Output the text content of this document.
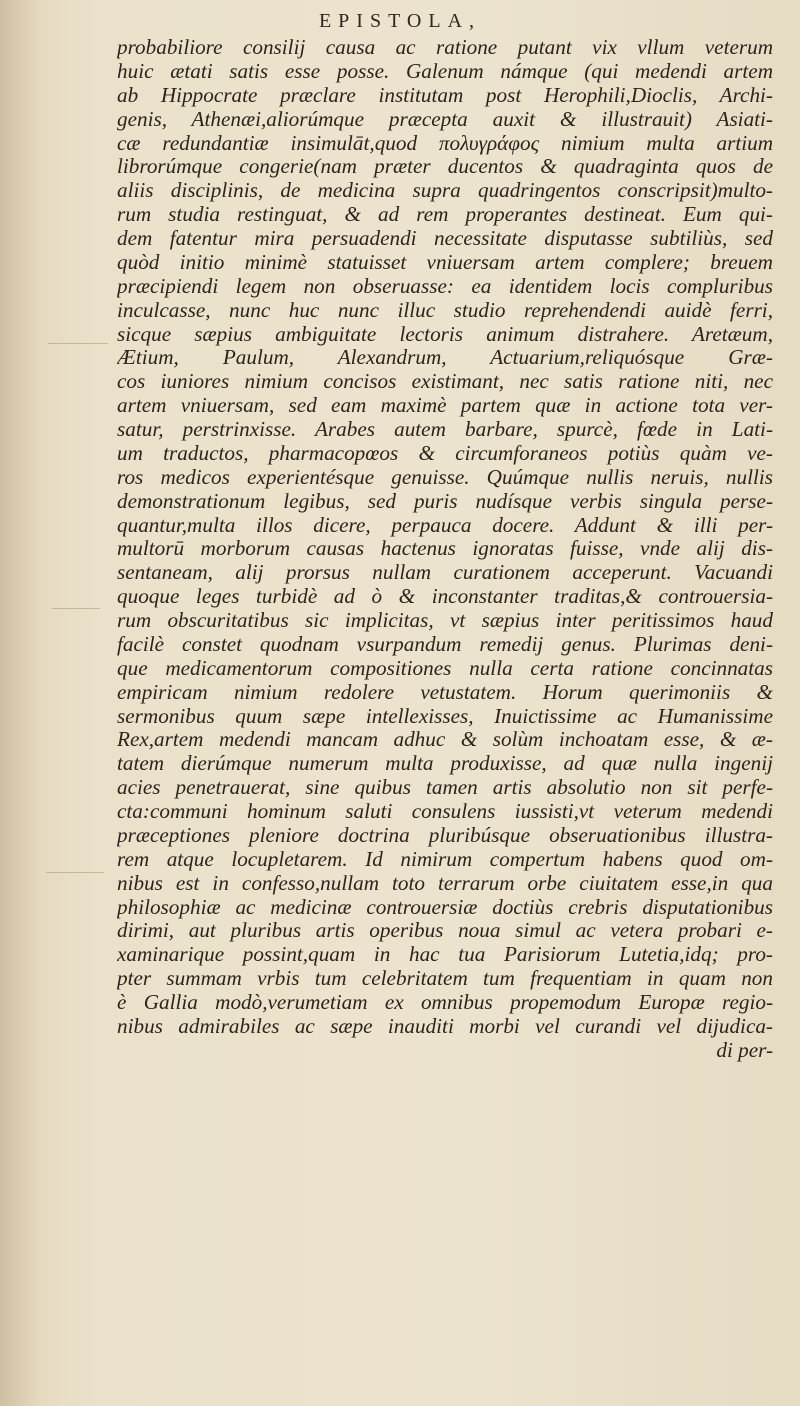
EPISTOLA,
probabiliore consilij causa ac ratione putant vix vllum veterum
huic ætati satis esse posse. Galenum námque (qui medendi artem
ab Hippocrate præclare institutam post Herophili,Dioclis, Archi-
genis, Athenæi,aliorúmque præcepta auxit & illustrauit) Asiati-
cæ redundantiæ insimulāt,quod πολυγράφος nimium multa artium
librorúmque congerie(nam præter ducentos & quadraginta quos de
aliis disciplinis, de medicina supra quadringentos conscripsit)multo-
rum studia restinguat, & ad rem properantes destineat. Eum qui-
dem fatentur mira persuadendi necessitate disputasse subtiliùs, sed
quòd initio minimè statuisset vniuersam artem complere; breuem
præcipiendi legem non obseruasse: ea identidem locis compluribus
inculcasse, nunc huc nunc illuc studio reprehendendi auidè ferri,
sicque sæpius ambiguitate lectoris animum distrahere. Aretæum,
Ætium, Paulum, Alexandrum, Actuarium,reliquósque Græ-
cos iuniores nimium concisos existimant, nec satis ratione niti, nec
artem vniuersam, sed eam maximè partem quæ in actione tota ver-
satur, perstrinxisse. Arabes autem barbare, spurcè, fœde in Lati-
um traductos, pharmacopœos & circumforaneos potiùs quàm ve-
ros medicos experientésque genuisse. Quúmque nullis neruis, nullis
demonstrationum legibus, sed puris nudísque verbis singula perse-
quantur,multa illos dicere, perpauca docere. Addunt & illi per-
multorū morborum causas hactenus ignoratas fuisse, vnde alij dis-
sentaneam, alij prorsus nullam curationem acceperunt. Vacuandi
quoque leges turbidè ad ò & inconstanter traditas,& controuersia-
rum obscuritatibus sic implicitas, vt sæpius inter peritissimos haud
facilè constet quodnam vsurpandum remedij genus. Plurimas deni-
que medicamentorum compositiones nulla certa ratione concinnatas
empiricam nimium redolere vetustatem. Horum querimoniis &
sermonibus quum sæpe intellexisses, Inuictissime ac Humanissime
Rex,artem medendi mancam adhuc & solùm inchoatam esse, & æ-
tatem dierúmque numerum multa produxisse, ad quæ nulla ingenij
acies penetrauerat, sine quibus tamen artis absolutio non sit perfe-
cta:communi hominum saluti consulens iussisti,vt veterum medendi
præceptiones pleniore doctrina pluribúsque obseruationibus illustra-
rem atque locupletarem. Id nimirum compertum habens quod om-
nibus est in confesso,nullam toto terrarum orbe ciuitatem esse,in qua
philosophiæ ac medicinæ controuersiæ doctiùs crebris disputationibus
dirimi, aut pluribus artis operibus noua simul ac vetera probari e-
xaminarique possint,quam in hac tua Parisiorum Lutetia,idq; pro-
pter summam vrbis tum celebritatem tum frequentiam in quam non
è Gallia modò,verumetiam ex omnibus propemodum Europæ regio-
nibus admirabiles ac sæpe inauditi morbi vel curandi vel dijudica-
di per-
